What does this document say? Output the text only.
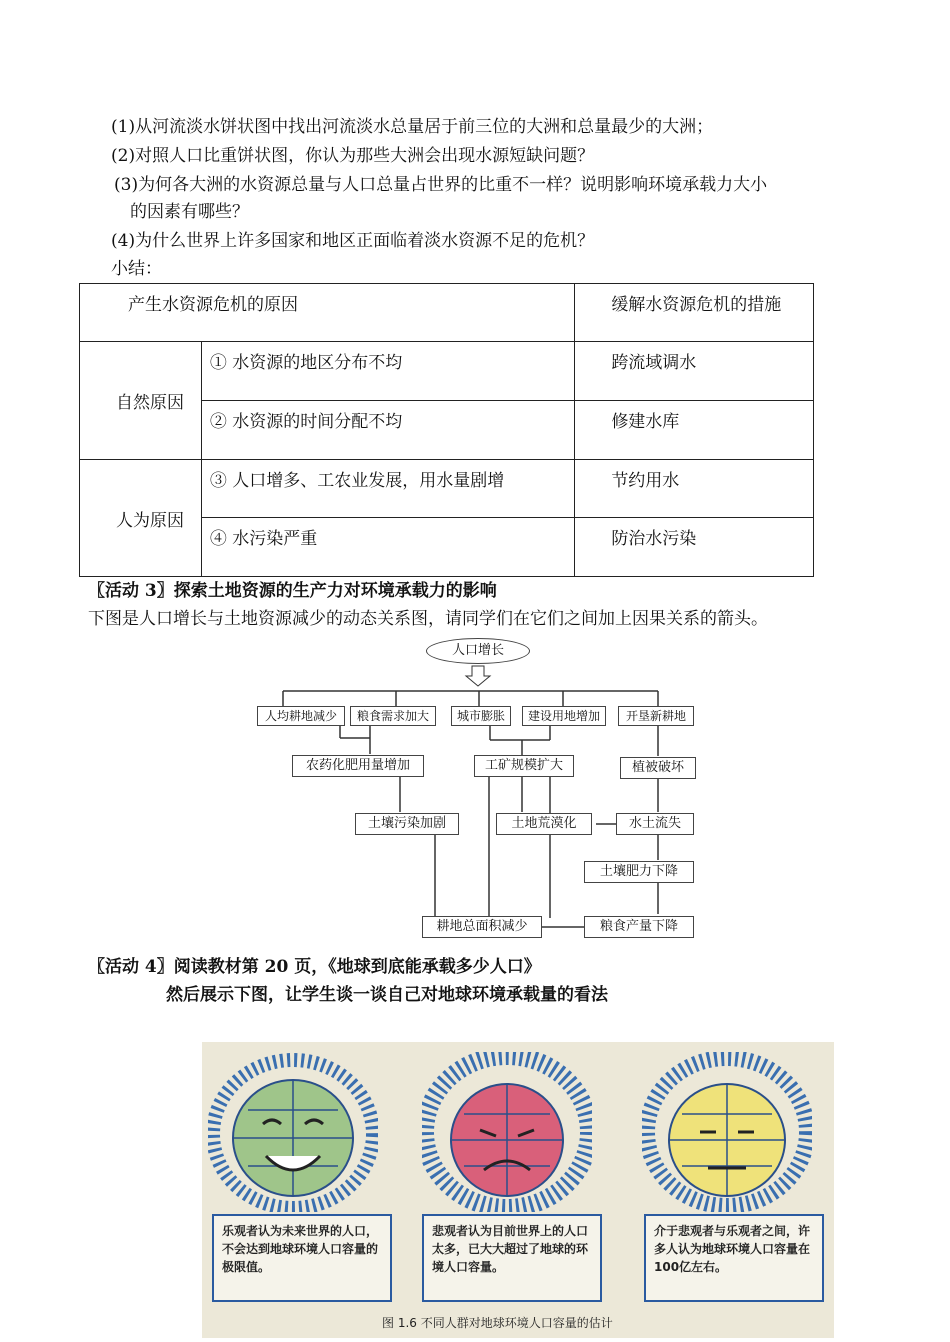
(1)从河流淡水饼状图中找出河流淡水总量居于前三位的大洲和总量最少的大洲；
(2)对照人口比重饼状图，你认为那些大洲会出现水源短缺问题？
(3)为何各大洲的水资源总量与人口总量占世界的比重不一样？说明影响环境承载力大小
的因素有哪些？
(4)为什么世界上许多国家和地区正面临着淡水资源不足的危机？
小结：
产生水资源危机的原因		缓解水资源危机的措施
自然原因	① 水资源的地区分布不均	跨流域调水
	② 水资源的时间分配不均	修建水库
人为原因	③ 人口增多、工农业发展，用水量剧增	节约用水
	④ 水污染严重	防治水污染
〖活动 3〗探索土地资源的生产力对环境承载力的影响
下图是人口增长与土地资源减少的动态关系图，请同学们在它们之间加上因果关系的箭头。
人口增长
人均耕地减少	粮食需求加大	城市膨胀	建设用地增加	开垦新耕地
农药化肥用量增加	工矿规模扩大	植被破坏
土壤污染加剧	土地荒漠化	水土流失
土壤肥力下降
耕地总面积减少	粮食产量下降
〖活动 4〗阅读教材第 20 页，《地球到底能承载多少人口》
然后展示下图，让学生谈一谈自己对地球环境承载量的看法
乐观者认为未来世界的人口，不会达到地球环境人口容量的极限值。
悲观者认为目前世界上的人口太多，已大大超过了地球的环境人口容量。
介于悲观者与乐观者之间，许多人认为地球环境人口容量在100亿左右。
图 1.6 不同人群对地球环境人口容量的估计
